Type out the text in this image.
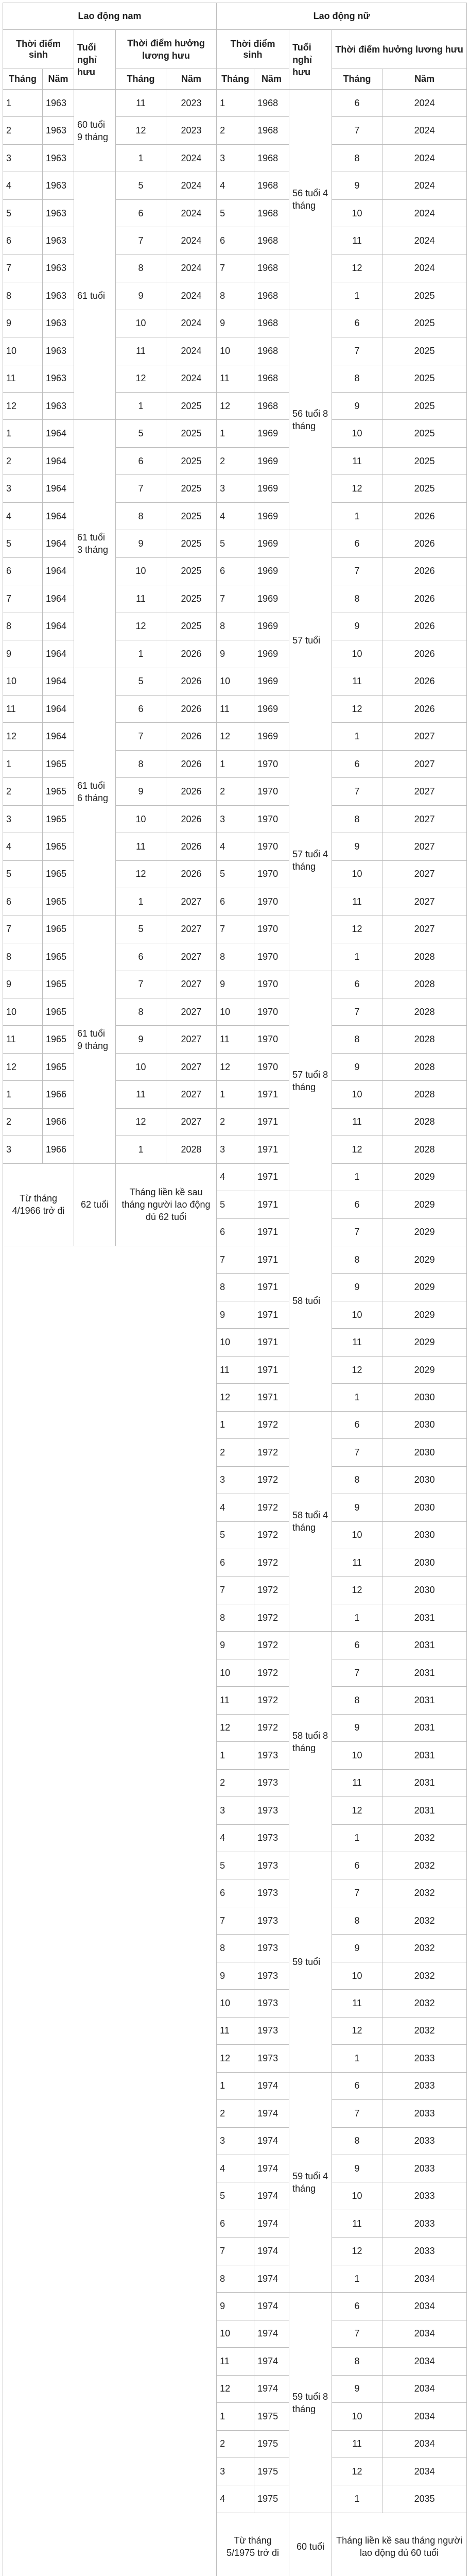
Lao động nam					Lao động nữ				
Thời điểm sinh		Tuổi nghỉ hưu	Thời điểm hưởng lương hưu		Thời điểm sinh		Tuổi nghỉ hưu	Thời điểm hưởng lương hưu	
Tháng	Năm		Tháng	Năm	Tháng	Năm		Tháng	Năm
1	1963	60 tuổi 9 tháng	11	2023	1	1968	56 tuổi 4 tháng	6	2024
2	1963		12	2023	2	1968		7	2024
3	1963		1	2024	3	1968		8	2024
4	1963	61 tuổi	5	2024	4	1968		9	2024
5	1963		6	2024	5	1968		10	2024
6	1963		7	2024	6	1968		11	2024
7	1963		8	2024	7	1968		12	2024
8	1963		9	2024	8	1968		1	2025
9	1963		10	2024	9	1968	56 tuổi 8 tháng	6	2025
10	1963		11	2024	10	1968		7	2025
11	1963		12	2024	11	1968		8	2025
12	1963		1	2025	12	1968		9	2025
1	1964	61 tuổi 3 tháng	5	2025	1	1969		10	2025
2	1964		6	2025	2	1969		11	2025
3	1964		7	2025	3	1969		12	2025
4	1964		8	2025	4	1969		1	2026
5	1964		9	2025	5	1969	57 tuổi	6	2026
6	1964		10	2025	6	1969		7	2026
7	1964		11	2025	7	1969		8	2026
8	1964		12	2025	8	1969		9	2026
9	1964		1	2026	9	1969		10	2026
10	1964	61 tuổi 6 tháng	5	2026	10	1969		11	2026
11	1964		6	2026	11	1969		12	2026
12	1964		7	2026	12	1969		1	2027
1	1965		8	2026	1	1970	57 tuổi 4 tháng	6	2027
2	1965		9	2026	2	1970		7	2027
3	1965		10	2026	3	1970		8	2027
4	1965		11	2026	4	1970		9	2027
5	1965		12	2026	5	1970		10	2027
6	1965		1	2027	6	1970		11	2027
7	1965	61 tuổi 9 tháng	5	2027	7	1970		12	2027
8	1965		6	2027	8	1970		1	2028
9	1965		7	2027	9	1970	57 tuổi 8 tháng	6	2028
10	1965		8	2027	10	1970		7	2028
11	1965		9	2027	11	1970		8	2028
12	1965		10	2027	12	1970		9	2028
1	1966		11	2027	1	1971		10	2028
2	1966		12	2027	2	1971		11	2028
3	1966		1	2028	3	1971		12	2028
Từ tháng 4/1966 trở đi		62 tuổi	Tháng liền kề sau tháng người lao động đủ 62 tuổi		4	1971		1	2029
					5	1971	58 tuổi	6	2029
					6	1971		7	2029
					7	1971		8	2029
					8	1971		9	2029
					9	1971		10	2029
					10	1971		11	2029
					11	1971		12	2029
					12	1971		1	2030
					1	1972	58 tuổi 4 tháng	6	2030
					2	1972		7	2030
					3	1972		8	2030
					4	1972		9	2030
					5	1972		10	2030
					6	1972		11	2030
					7	1972		12	2030
					8	1972		1	2031
					9	1972	58 tuổi 8 tháng	6	2031
					10	1972		7	2031
					11	1972		8	2031
					12	1972		9	2031
					1	1973		10	2031
					2	1973		11	2031
					3	1973		12	2031
					4	1973		1	2032
					5	1973	59 tuổi	6	2032
					6	1973		7	2032
					7	1973		8	2032
					8	1973		9	2032
					9	1973		10	2032
					10	1973		11	2032
					11	1973		12	2032
					12	1973		1	2033
					1	1974	59 tuổi 4 tháng	6	2033
					2	1974		7	2033
					3	1974		8	2033
					4	1974		9	2033
					5	1974		10	2033
					6	1974		11	2033
					7	1974		12	2033
					8	1974		1	2034
					9	1974	59 tuổi 8 tháng	6	2034
					10	1974		7	2034
					11	1974		8	2034
					12	1974		9	2034
					1	1975		10	2034
					2	1975		11	2034
					3	1975		12	2034
					4	1975		1	2035
					Từ tháng 5/1975 trở đi		60 tuổi	Tháng liền kề sau tháng người lao động đủ 60 tuổi	
